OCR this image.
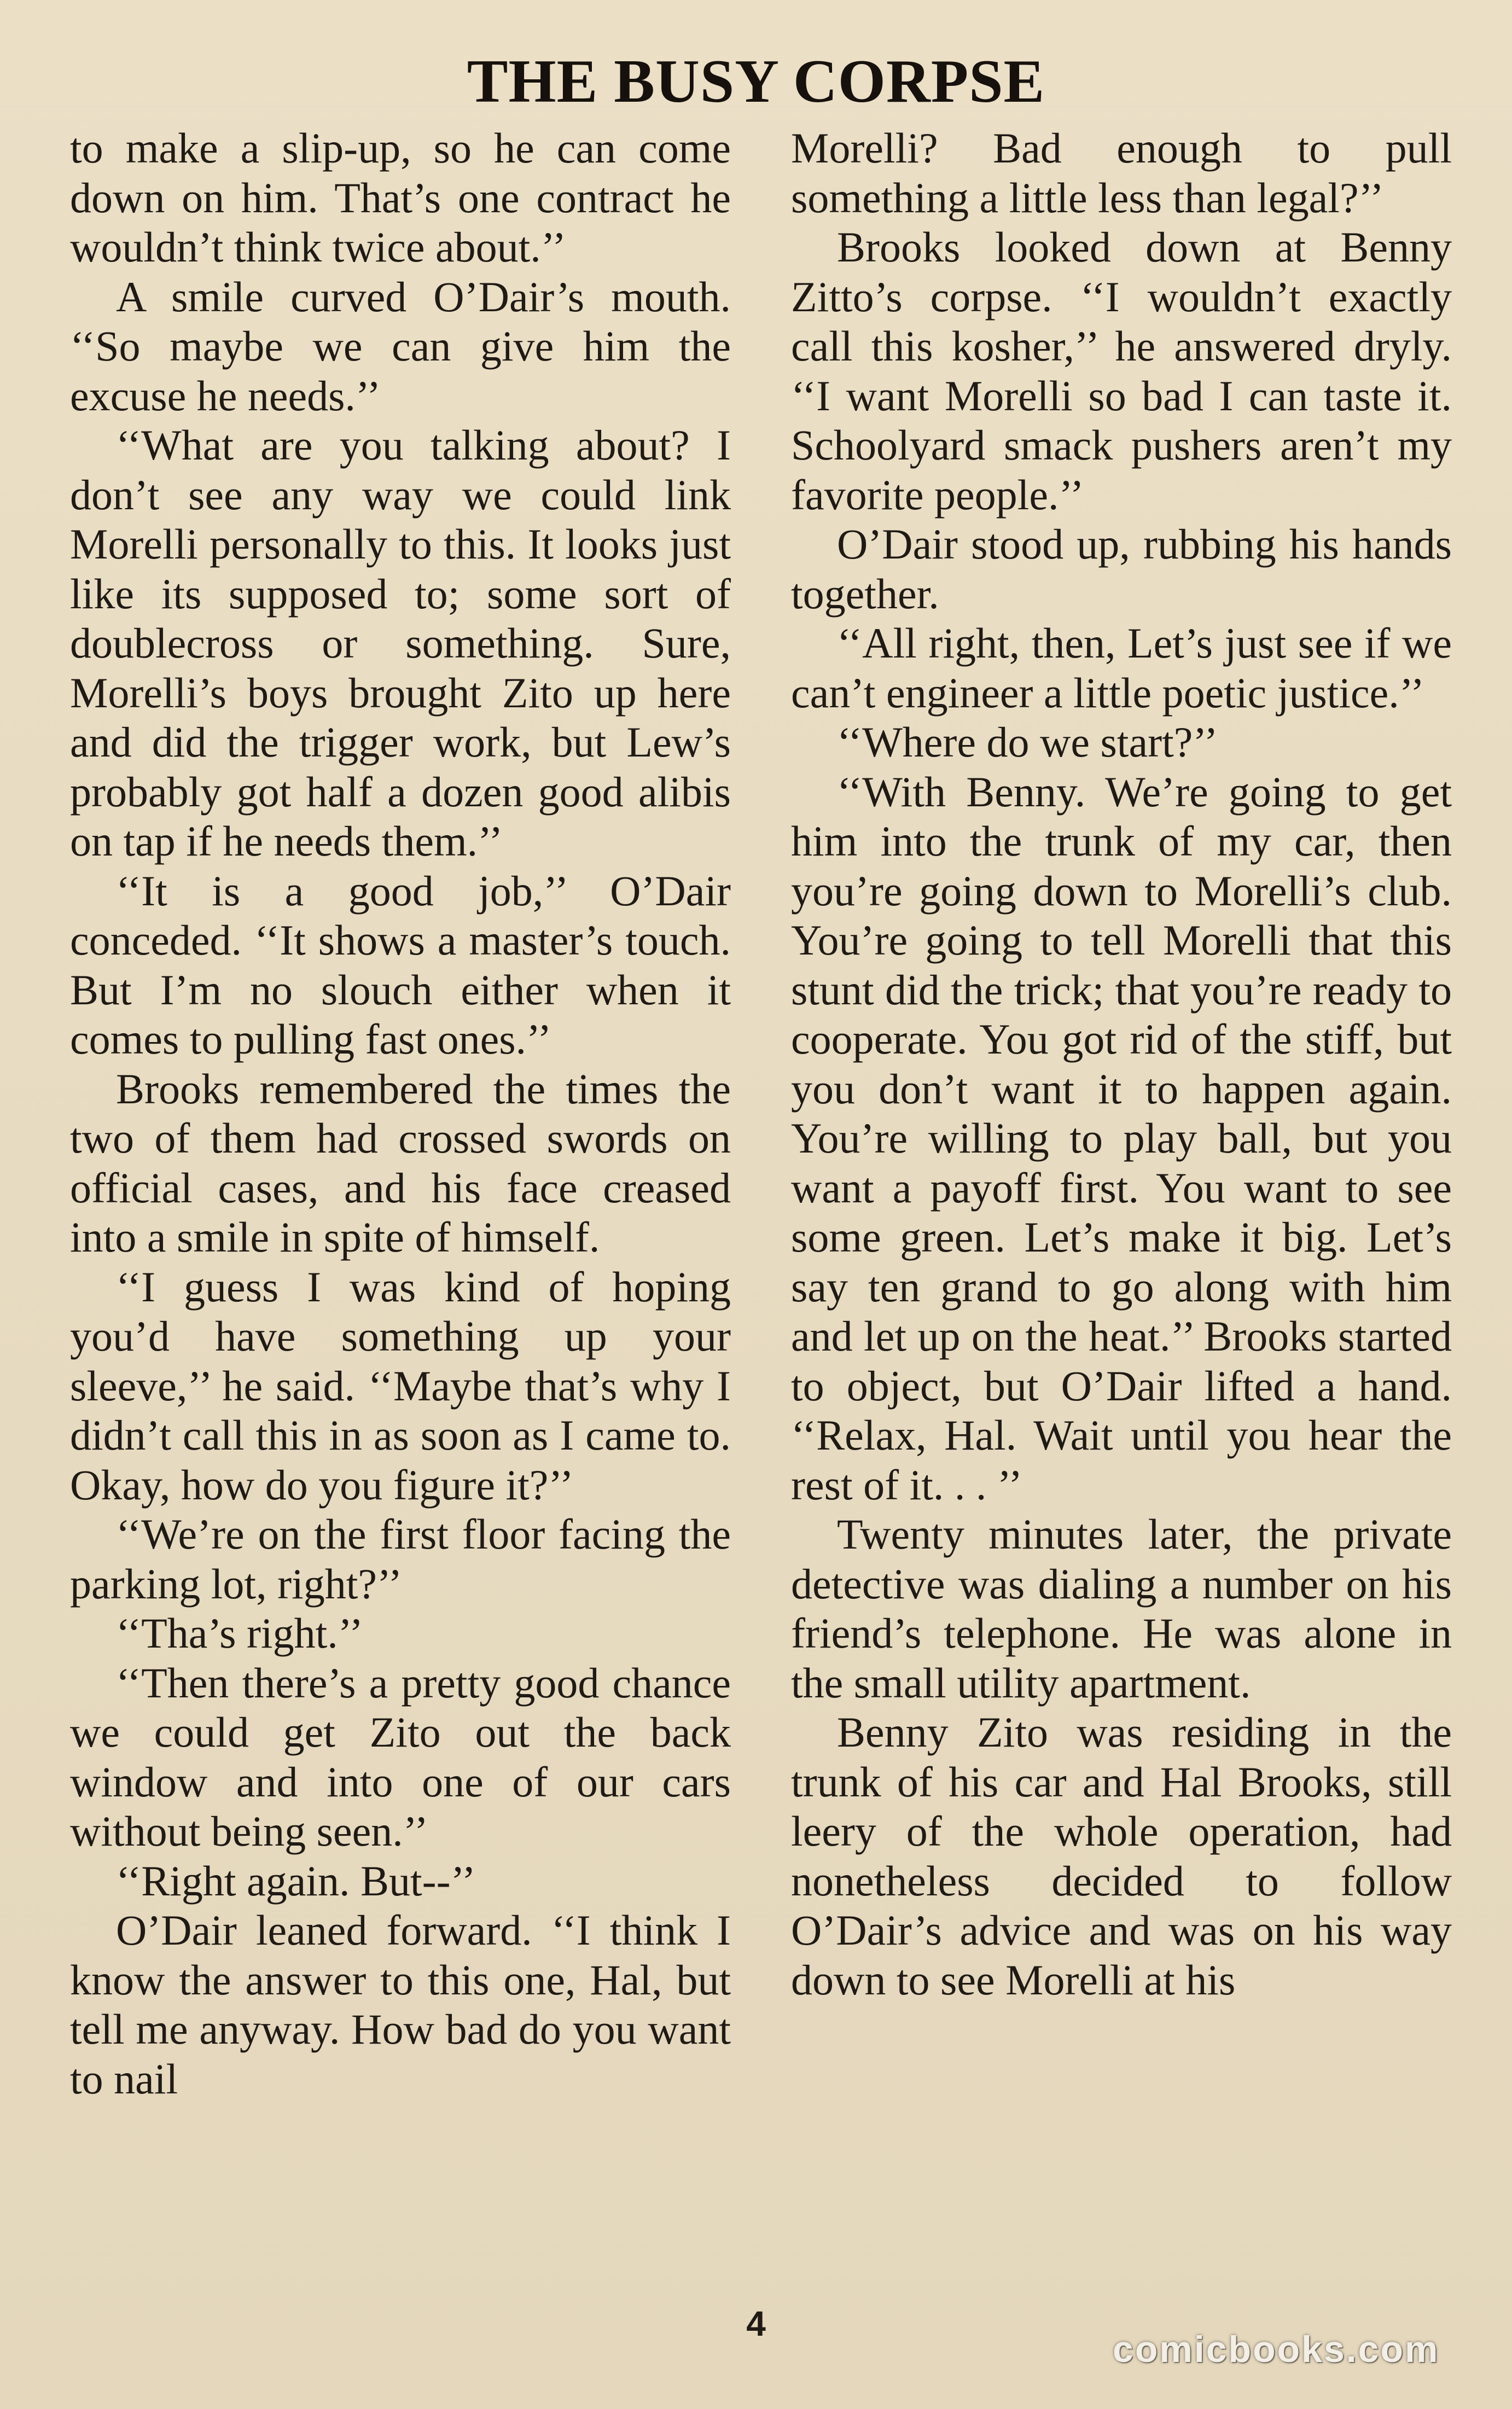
THE BUSY CORPSE

to make a slip-up, so he can come down on him. That’s one contract he wouldn’t think twice about.’’

A smile curved O’Dair’s mouth. ‘‘So maybe we can give him the excuse he needs.’’

‘‘What are you talking about? I don’t see any way we could link Morelli personally to this. It looks just like its supposed to; some sort of doublecross or something. Sure, Morelli’s boys brought Zito up here and did the trigger work, but Lew’s probably got half a dozen good alibis on tap if he needs them.’’

‘‘It is a good job,’’ O’Dair conceded. ‘‘It shows a master’s touch. But I’m no slouch either when it comes to pulling fast ones.’’

Brooks remembered the times the two of them had crossed swords on official cases, and his face creased into a smile in spite of himself.

‘‘I guess I was kind of hoping you’d have something up your sleeve,’’ he said. ‘‘Maybe that’s why I didn’t call this in as soon as I came to. Okay, how do you figure it?’’

‘‘We’re on the first floor facing the parking lot, right?’’

‘‘Tha’s right.’’

‘‘Then there’s a pretty good chance we could get Zito out the back window and into one of our cars without being seen.’’

‘‘Right again. But--’’

O’Dair leaned forward. ‘‘I think I know the answer to this one, Hal, but tell me anyway. How bad do you want to nail

Morelli? Bad enough to pull something a little less than legal?’’

Brooks looked down at Benny Zitto’s corpse. ‘‘I wouldn’t exactly call this kosher,’’ he answered dryly. ‘‘I want Morelli so bad I can taste it. Schoolyard smack pushers aren’t my favorite people.’’

O’Dair stood up, rubbing his hands together.

‘‘All right, then, Let’s just see if we can’t engineer a little poetic justice.’’

‘‘Where do we start?’’

‘‘With Benny. We’re going to get him into the trunk of my car, then you’re going down to Morelli’s club. You’re going to tell Morelli that this stunt did the trick; that you’re ready to cooperate. You got rid of the stiff, but you don’t want it to happen again. You’re willing to play ball, but you want a payoff first. You want to see some green. Let’s make it big. Let’s say ten grand to go along with him and let up on the heat.’’ Brooks started to object, but O’Dair lifted a hand. ‘‘Relax, Hal. Wait until you hear the rest of it. . . ’’

Twenty minutes later, the private detective was dialing a number on his friend’s telephone. He was alone in the small utility apartment.

Benny Zito was residing in the trunk of his car and Hal Brooks, still leery of the whole operation, had nonetheless decided to follow O’Dair’s advice and was on his way down to see Morelli at his

4
comicbooks.com
